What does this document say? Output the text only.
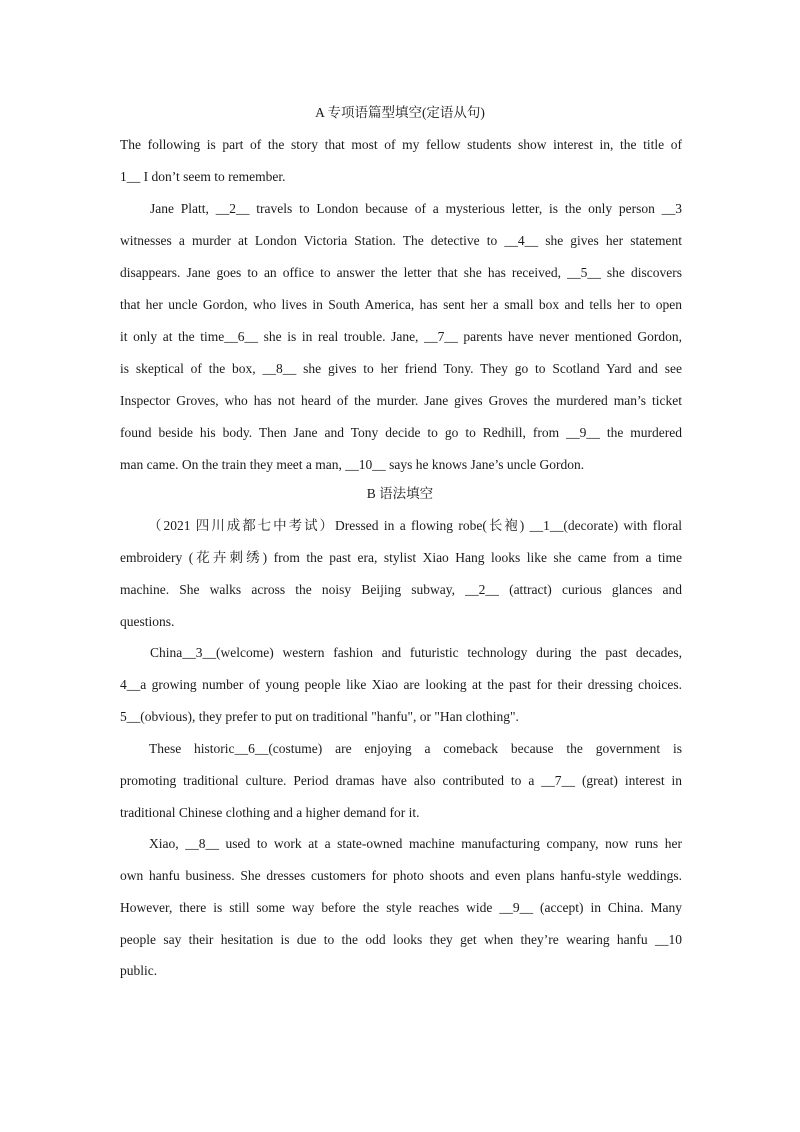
A 专项语篇型填空(定语从句)
The following is part of the story that most of my fellow students show interest in, the title of
1__ I don’t seem to remember.
Jane Platt, __2__ travels to London because of a mysterious letter, is the only person __3
witnesses a murder at London Victoria Station. The detective to __4__ she gives her statement
disappears. Jane goes to an office to answer the letter that she has received, __5__ she discovers
that her uncle Gordon, who lives in South America, has sent her a small box and tells her to open
it only at the time__6__ she is in real trouble. Jane, __7__ parents have never mentioned Gordon,
is skeptical of the box, __8__ she gives to her friend Tony. They go to Scotland Yard and see
Inspector Groves, who has not heard of the murder. Jane gives Groves the murdered man’s ticket
found beside his body. Then Jane and Tony decide to go to Redhill, from __9__ the murdered
man came. On the train they meet a man, __10__ says he knows Jane’s uncle Gordon.
B 语法填空
（2021 四川成都七中考试）Dressed in a flowing robe(长袍) __1__(decorate) with floral
embroidery (花卉刺绣) from the past era, stylist Xiao Hang looks like she came from a time
machine. She walks across the noisy Beijing subway, __2__ (attract) curious glances and
questions.
China__3__(welcome) western fashion and futuristic technology during the past decades,
4__a growing number of young people like Xiao are looking at the past for their dressing choices.
5__(obvious), they prefer to put on traditional "hanfu", or "Han clothing".
These historic__6__(costume) are enjoying a comeback because the government is
promoting traditional culture. Period dramas have also contributed to a __7__ (great) interest in
traditional Chinese clothing and a higher demand for it.
Xiao, __8__ used to work at a state-owned machine manufacturing company, now runs her
own hanfu business. She dresses customers for photo shoots and even plans hanfu-style weddings.
However, there is still some way before the style reaches wide __9__ (accept) in China. Many
people say their hesitation is due to the odd looks they get when they’re wearing hanfu __10
public.
